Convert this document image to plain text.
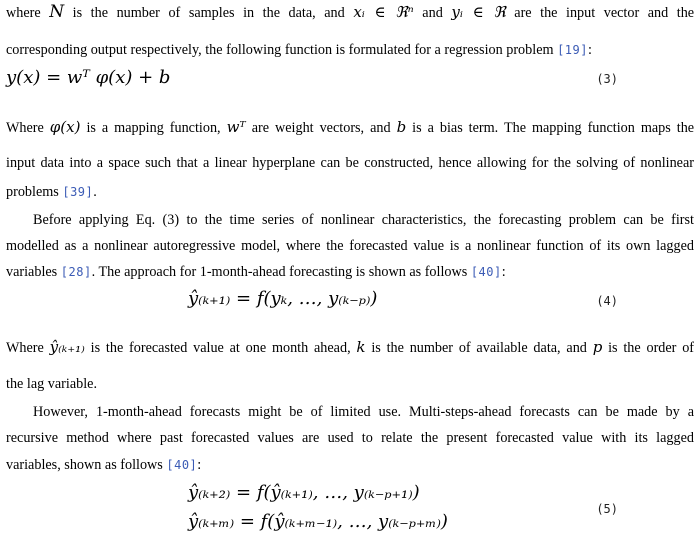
where N is the number of samples in the data, and xᵢ ∈ ℜⁿ and yᵢ ∈ ℜ are the input vector and the
corresponding output respectively, the following function is formulated for a regression problem [19]:
y(x) = wᵀ φ(x) + b	(3)
Where φ(x) is a mapping function, wᵀ are weight vectors, and b is a bias term. The mapping function maps the
input data into a space such that a linear hyperplane can be constructed, hence allowing for the solving of nonlinear
problems [39].
Before applying Eq. (3) to the time series of nonlinear characteristics, the forecasting problem can be first
modelled as a nonlinear autoregressive model, where the forecasted value is a nonlinear function of its own lagged
variables [28]. The approach for 1-month-ahead forecasting is shown as follows [40]:
ŷ₍ₖ₊₁₎ = f(yₖ, …, y₍ₖ₋ₚ₎)	(4)
Where ŷ₍ₖ₊₁₎ is the forecasted value at one month ahead, k is the number of available data, and p is the order of
the lag variable.
However, 1-month-ahead forecasts might be of limited use. Multi-steps-ahead forecasts can be made by a
recursive method where past forecasted values are used to relate the present forecasted value with its lagged
variables, shown as follows [40]:
ŷ₍ₖ₊₂₎ = f(ŷ₍ₖ₊₁₎, …, y₍ₖ₋ₚ₊₁₎)
ŷ₍ₖ₊ₘ₎ = f(ŷ₍ₖ₊ₘ₋₁₎, …, y₍ₖ₋ₚ₊ₘ₎)
(5)
